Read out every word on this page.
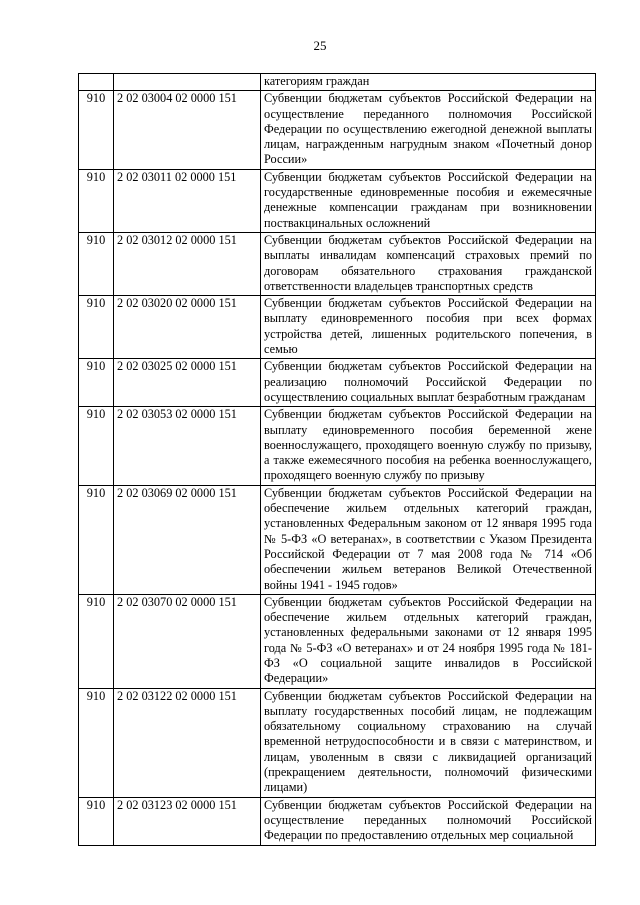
25
		категориям граждан
910	2 02 03004 02 0000 151	Субвенции бюджетам субъектов Российской Федерации на осуществление переданного полномочия Российской Федерации по осуществлению ежегодной денежной выплаты лицам, награжденным нагрудным знаком «Почетный донор России»
910	2 02 03011 02 0000 151	Субвенции бюджетам субъектов Российской Федерации на государственные единовременные пособия и ежемесячные денежные компенсации гражданам при возникновении поствакцинальных осложнений
910	2 02 03012 02 0000 151	Субвенции бюджетам субъектов Российской Федерации на выплаты инвалидам компенсаций страховых премий по договорам обязательного страхования гражданской ответственности владельцев транспортных средств
910	2 02 03020 02 0000 151	Субвенции бюджетам субъектов Российской Федерации на выплату единовременного пособия при всех формах устройства детей, лишенных родительского попечения, в семью
910	2 02 03025 02 0000 151	Субвенции бюджетам субъектов Российской Федерации на реализацию полномочий Российской Федерации по осуществлению социальных выплат безработным гражданам
910	2 02 03053 02 0000 151	Субвенции бюджетам субъектов Российской Федерации на выплату единовременного пособия беременной жене военнослужащего, проходящего военную службу по призыву, а также ежемесячного пособия на ребенка военнослужащего, проходящего военную службу по призыву
910	2 02 03069 02 0000 151	Субвенции бюджетам субъектов Российской Федерации на обеспечение жильем отдельных категорий граждан, установленных Федеральным законом от 12 января 1995 года № 5-ФЗ «О ветеранах», в соответствии с Указом Президента Российской Федерации от 7 мая 2008 года № 714 «Об обеспечении жильем ветеранов Великой Отечественной войны 1941 - 1945 годов»
910	2 02 03070 02 0000 151	Субвенции бюджетам субъектов Российской Федерации на обеспечение жильем отдельных категорий граждан, установленных федеральными законами от 12 января 1995 года № 5-ФЗ «О ветеранах» и от 24 ноября 1995 года № 181-ФЗ «О социальной защите инвалидов в Российской Федерации»
910	2 02 03122 02 0000 151	Субвенции бюджетам субъектов Российской Федерации на выплату государственных пособий лицам, не подлежащим обязательному социальному страхованию на случай временной нетрудоспособности и в связи с материнством, и лицам, уволенным в связи с ликвидацией организаций (прекращением деятельности, полномочий физическими лицами)
910	2 02 03123 02 0000 151	Субвенции бюджетам субъектов Российской Федерации на осуществление переданных полномочий Российской Федерации по предоставлению отдельных мер социальной
